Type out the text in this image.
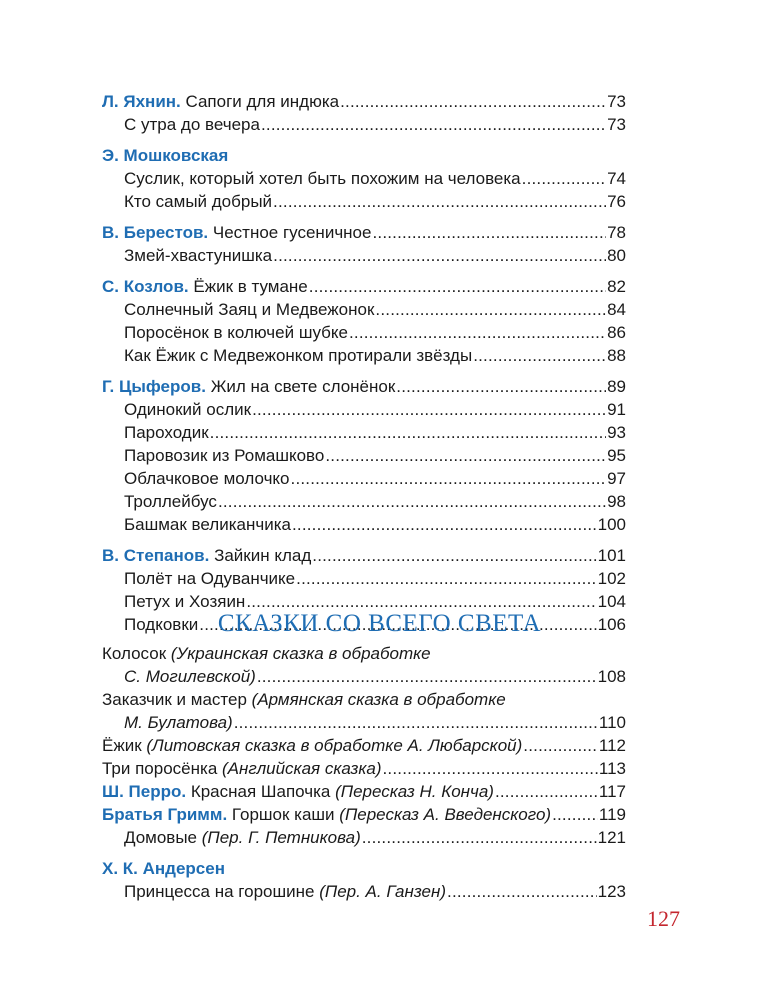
Л. Яхнин.
Сапоги для индюка .....	73
С утра до вечера .....	73
Э. Мошковская
Суслик, который хотел быть похожим на человека .....	74
Кто самый добрый .....	76
В. Берестов.
Честное гусеничное .....	78
Змей-хвастунишка .....	80
С. Козлов.
Ёжик в тумане .....	82
Солнечный Заяц и Медвежонок .....	84
Поросёнок в колючей шубке .....	86
Как Ёжик с Медвежонком протирали звёзды .....	88
Г. Цыферов.
Жил на свете слонёнок .....	89
Одинокий ослик .....	91
Пароходик .....	93
Паровозик из Ромашково .....	95
Облачковое молочко .....	97
Троллейбус .....	98
Башмак великанчика .....	100
В. Степанов.
Зайкин клад .....	101
Полёт на Одуванчике .....	102
Петух и Хозяин .....	104
Подковки .....	106
СКАЗКИ СО ВСЕГО СВЕТА
Колосок
(Украинская сказка в обработке
С. Могилевской) .....	108
Заказчик и мастер
(Армянская сказка в обработке
М. Булатова) .....	110
Ёжик
(Литовская сказка в обработке А. Любарской) .....	112
Три поросёнка
(Английская сказка) .....	113
Ш. Перро.
Красная Шапочка
(Пересказ Н. Конча) .....	117
Братья Гримм.
Горшок каши
(Пересказ А. Введенского) .....	119
Домовые
(Пер. Г. Петникова) .....	121
Х. К. Андерсен
Принцесса на горошине
(Пер. А. Ганзен) .....	123
127
